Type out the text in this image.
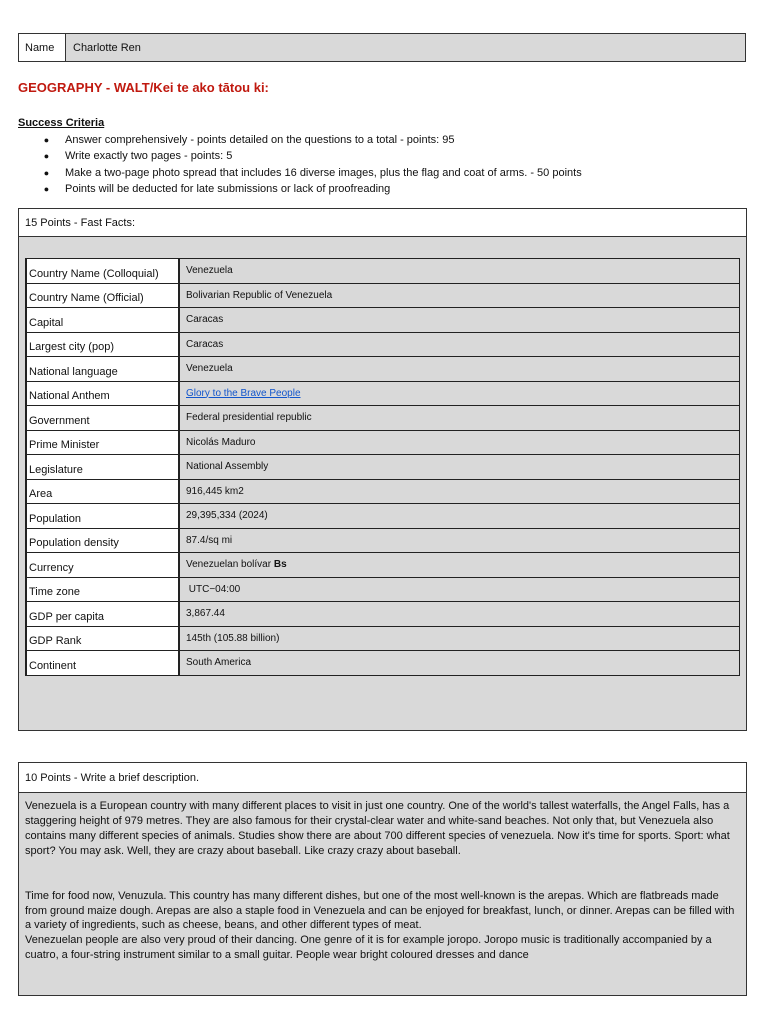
Name	Charlotte Ren
GEOGRAPHY - WALT/Kei te ako tātou ki:
Success Criteria
●	Answer comprehensively - points detailed on the questions to a total - points: 95
●	Write exactly two pages - points: 5
●	Make a two-page photo spread that includes 16 diverse images, plus the flag and coat of arms. - 50 points
●	Points will be deducted for late submissions or lack of proofreading
15 Points - Fast Facts:
Country Name (Colloquial)	Venezuela
Country Name (Official)	Bolivarian Republic of Venezuela
Capital	Caracas
Largest city (pop)	Caracas
National language	Venezuela
National Anthem	Glory to the Brave People
Government	Federal presidential republic
Prime Minister	Nicolás Maduro
Legislature	National Assembly
Area	916,445 km2
Population	29,395,334 (2024)
Population density	87.4/sq mi
Currency	Venezuelan bolívar Bs
Time zone	UTC−04:00
GDP per capita	3,867.44
GDP Rank	145th (105.88 billion)
Continent	South America
10 Points - Write a brief description.

Venezuela is a European country with many different places to visit in just one country. One of the world's tallest waterfalls, the Angel Falls, has a staggering height of 979 metres. They are also famous for their crystal-clear water and white-sand beaches. Not only that, but Venezuela also contains many different species of animals. Studies show there are about 700 different species of venezuela. Now it's time for sports. Sport: what sport? You may ask. Well, they are crazy about baseball. Like crazy crazy about baseball.

Time for food now, Venuzula. This country has many different dishes, but one of the most well-known is the arepas. Which are flatbreads made from ground maize dough. Arepas are also a staple food in Venezuela and can be enjoyed for breakfast, lunch, or dinner. Arepas can be filled with a variety of ingredients, such as cheese, beans, and other different types of meat.

Venezuelan people are also very proud of their dancing. One genre of it is for example joropo. Joropo music is traditionally accompanied by a cuatro, a four-string instrument similar to a small guitar. People wear bright coloured dresses and dance
